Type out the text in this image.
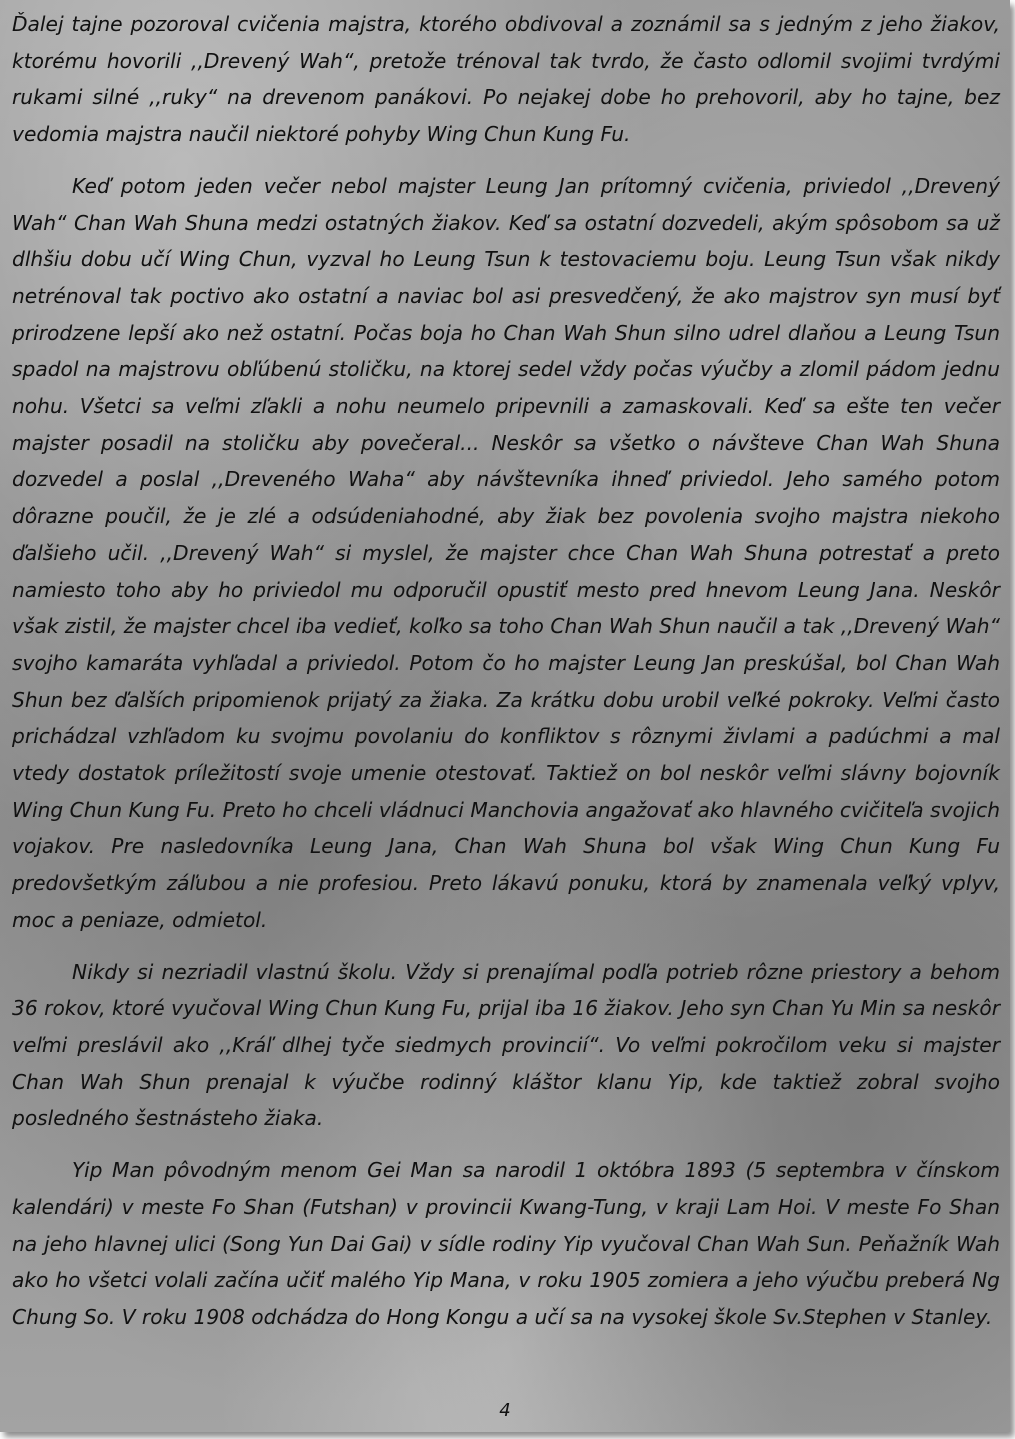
Ďalej tajne pozoroval cvičenia majstra, ktorého obdivoval a zoznámil sa s jedným z jeho žiakov, ktorému hovorili ,,Drevený Wah“, pretože trénoval tak tvrdo, že často odlomil svojimi tvrdými rukami silné ,,ruky“ na drevenom panákovi. Po nejakej dobe ho prehovoril, aby ho tajne, bez vedomia majstra naučil niektoré pohyby Wing Chun Kung Fu.

Keď potom jeden večer nebol majster Leung Jan prítomný cvičenia, priviedol ,,Drevený Wah“ Chan Wah Shuna medzi ostatných žiakov. Keď sa ostatní dozvedeli, akým spôsobom sa už dlhšiu dobu učí Wing Chun, vyzval ho Leung Tsun k testovaciemu boju. Leung Tsun však nikdy netrénoval tak poctivo ako ostatní a naviac bol asi presvedčený, že ako majstrov syn musí byť prirodzene lepší ako než ostatní. Počas boja ho Chan Wah Shun silno udrel dlaňou a Leung Tsun spadol na majstrovu obľúbenú stoličku, na ktorej sedel vždy počas výučby a zlomil pádom jednu nohu. Všetci sa veľmi zľakli a nohu neumelo pripevnili a zamaskovali. Keď sa ešte ten večer majster posadil na stoličku aby povečeral... Neskôr sa všetko o návšteve Chan Wah Shuna dozvedel a poslal ,,Dreveného Waha“ aby návštevníka ihneď priviedol. Jeho samého potom dôrazne poučil, že je zlé a odsúdeniahodné, aby žiak bez povolenia svojho majstra niekoho ďalšieho učil. ,,Drevený Wah“ si myslel, že majster chce Chan Wah Shuna potrestať a preto namiesto toho aby ho priviedol mu odporučil opustiť mesto pred hnevom Leung Jana. Neskôr však zistil, že majster chcel iba vedieť, koľko sa toho Chan Wah Shun naučil a tak ,,Drevený Wah“ svojho kamaráta vyhľadal a priviedol. Potom čo ho majster Leung Jan preskúšal, bol Chan Wah Shun bez ďalších pripomienok prijatý za žiaka. Za krátku dobu urobil veľké pokroky. Veľmi často prichádzal vzhľadom ku svojmu povolaniu do konfliktov s rôznymi živlami a padúchmi a mal vtedy dostatok príležitostí svoje umenie otestovať. Taktiež on bol neskôr veľmi slávny bojovník Wing Chun Kung Fu. Preto ho chceli vládnuci Manchovia angažovať ako hlavného cvičiteľa svojich vojakov. Pre nasledovníka Leung Jana, Chan Wah Shuna bol však Wing Chun Kung Fu predovšetkým záľubou a nie profesiou. Preto lákavú ponuku, ktorá by znamenala veľký vplyv, moc a peniaze, odmietol.

Nikdy si nezriadil vlastnú školu. Vždy si prenajímal podľa potrieb rôzne priestory a behom 36 rokov, ktoré vyučoval Wing Chun Kung Fu, prijal iba 16 žiakov. Jeho syn Chan Yu Min sa neskôr veľmi preslávil ako ,,Kráľ dlhej tyče siedmych provincií“. Vo veľmi pokročilom veku si majster Chan Wah Shun prenajal k výučbe rodinný kláštor klanu Yip, kde taktiež zobral svojho posledného šestnásteho žiaka.

Yip Man pôvodným menom Gei Man sa narodil 1 októbra 1893 (5 septembra v čínskom kalendári) v meste Fo Shan (Futshan) v provincii Kwang-Tung, v kraji Lam Hoi. V meste Fo Shan na jeho hlavnej ulici (Song Yun Dai Gai) v sídle rodiny Yip vyučoval Chan Wah Sun. Peňažník Wah ako ho všetci volali začína učiť malého Yip Mana, v roku 1905 zomiera a jeho výučbu preberá Ng Chung So. V roku 1908 odchádza do Hong Kongu a učí sa na vysokej škole Sv.Stephen v Stanley.

4
